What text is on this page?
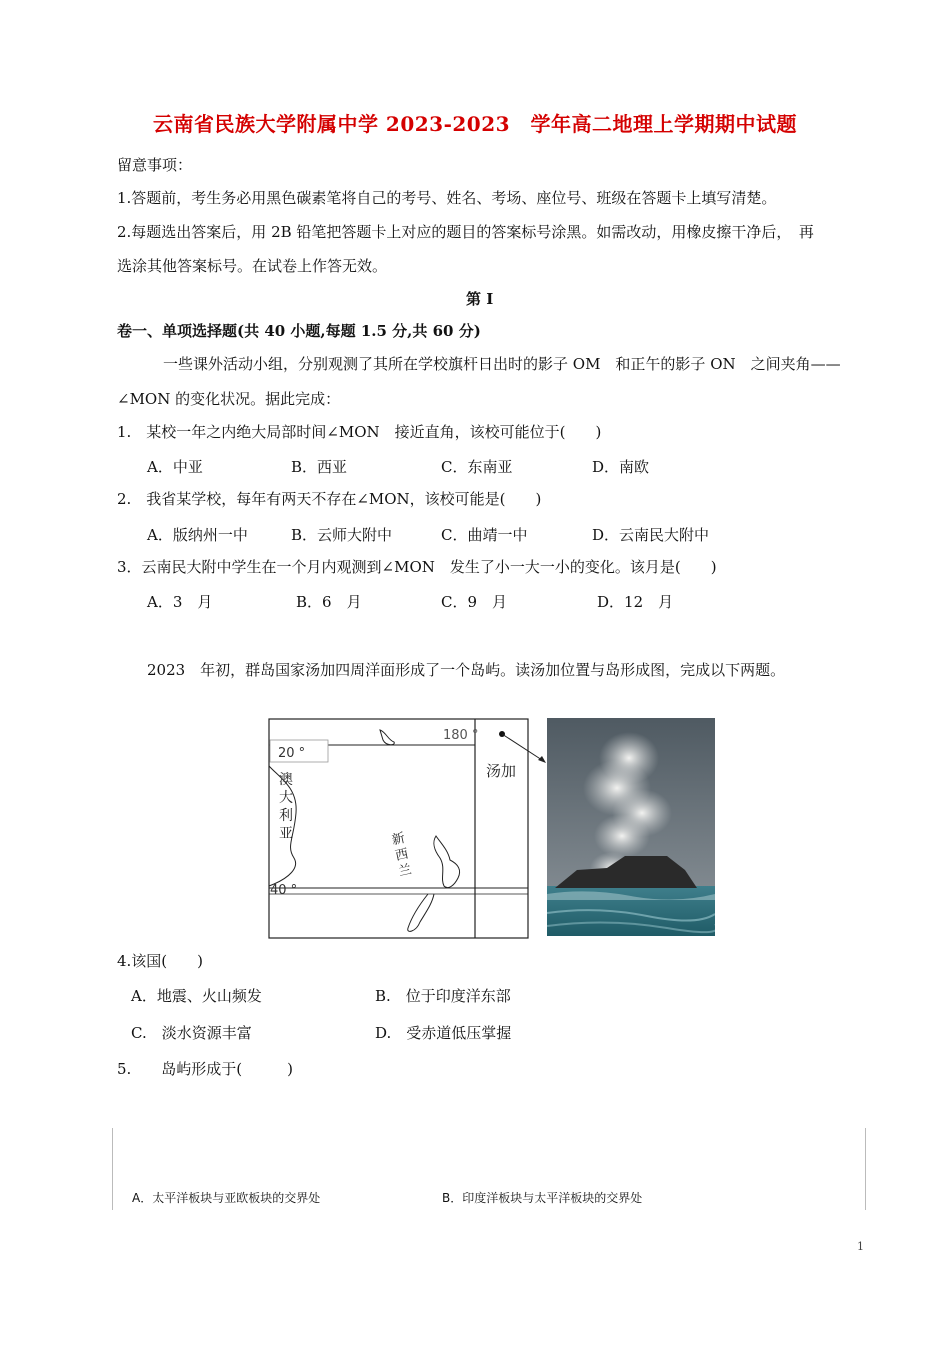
云南省民族大学附属中学 2023-2023　学年高二地理上学期期中试题
留意事项：
1.答题前，考生务必用黑色碳素笔将自己的考号、姓名、考场、座位号、班级在答题卡上填写清楚。
2.每题选出答案后，用 2B 铅笔把答题卡上对应的题目的答案标号涂黑。如需改动，用橡皮擦干净后，　再
选涂其他答案标号。在试卷上作答无效。
第 I
卷一、单项选择题(共 40 小题,每题 1.5 分,共 60 分)
一些课外活动小组，分别观测了其所在学校旗杆日出时的影子 OM　和正午的影子 ON　之间夹角——
∠MON 的变化状况。据此完成：
1.　某校一年之内绝大局部时间∠MON　接近直角，该校可能位于(　　)
A．中亚	B．西亚	C．东南亚	D．南欧
2.　我省某学校，每年有两天不存在∠MON，该校可能是(　　)
A．版纳州一中	B．云师大附中	C．曲靖一中	D．云南民大附中
3．云南民大附中学生在一个月内观测到∠MON　发生了小一大一小的变化。该月是(　　)
A．3　月	B．6　月	C．9　月	D．12　月
2023　年初，群岛国家汤加四周洋面形成了一个岛屿。读汤加位置与岛形成图，完成以下两题。
20 °
40 °
180 °
汤加
澳
大
利
亚	新
西
兰
4.该国(　　)
A．地震、火山频发	B.　位于印度洋东部
C.　淡水资源丰富	D.　受赤道低压掌握
5.　　岛屿形成于(　　　)
A．太平洋板块与亚欧板块的交界处	B．印度洋板块与太平洋板块的交界处
1
